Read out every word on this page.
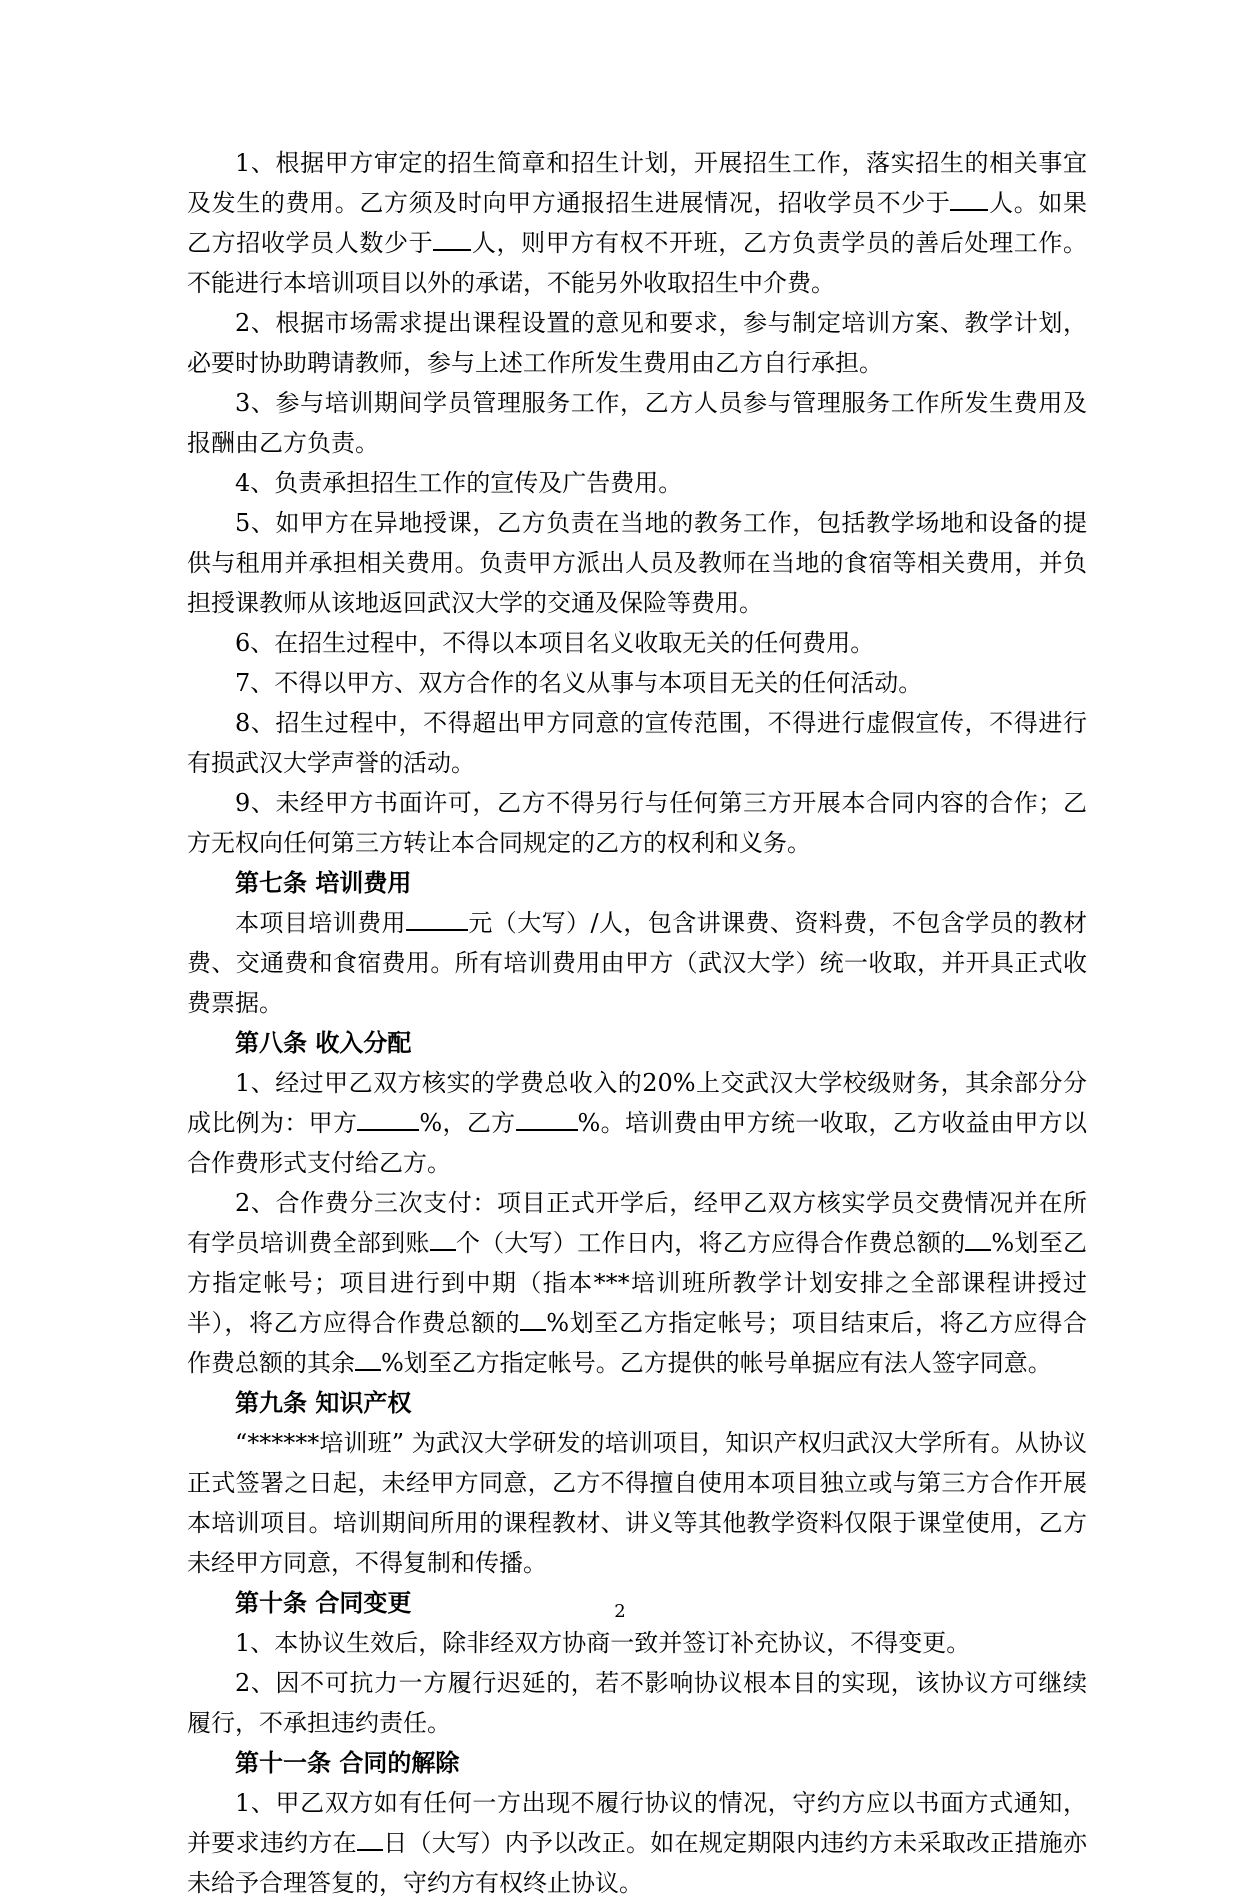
1、根据甲方审定的招生简章和招生计划，开展招生工作，落实招生的相关事宜及发生的费用。乙方须及时向甲方通报招生进展情况，招收学员不少于 人。如果乙方招收学员人数少于 人，则甲方有权不开班，乙方负责学员的善后处理工作。不能进行本培训项目以外的承诺，不能另外收取招生中介费。

2、根据市场需求提出课程设置的意见和要求，参与制定培训方案、教学计划，必要时协助聘请教师，参与上述工作所发生费用由乙方自行承担。

3、参与培训期间学员管理服务工作，乙方人员参与管理服务工作所发生费用及报酬由乙方负责。

4、负责承担招生工作的宣传及广告费用。

5、如甲方在异地授课，乙方负责在当地的教务工作，包括教学场地和设备的提供与租用并承担相关费用。负责甲方派出人员及教师在当地的食宿等相关费用，并负担授课教师从该地返回武汉大学的交通及保险等费用。

6、在招生过程中，不得以本项目名义收取无关的任何费用。

7、不得以甲方、双方合作的名义从事与本项目无关的任何活动。

8、招生过程中，不得超出甲方同意的宣传范围，不得进行虚假宣传，不得进行有损武汉大学声誉的活动。

9、未经甲方书面许可，乙方不得另行与任何第三方开展本合同内容的合作；乙方无权向任何第三方转让本合同规定的乙方的权利和义务。

第七条 培训费用

本项目培训费用	元（大写）/人，包含讲课费、资料费，不包含学员的教材费、交通费和食宿费用。所有培训费用由甲方（武汉大学）统一收取，并开具正式收费票据。

第八条 收入分配

1、经过甲乙双方核实的学费总收入的20%上交武汉大学校级财务，其余部分分成比例为：甲方	%，乙方	%。培训费由甲方统一收取，乙方收益由甲方以合作费形式支付给乙方。

2、合作费分三次支付：项目正式开学后，经甲乙双方核实学员交费情况并在所有学员培训费全部到账 个（大写）工作日内，将乙方应得合作费总额的 %划至乙方指定帐号；项目进行到中期（指本***培训班所教学计划安排之全部课程讲授过半），将乙方应得合作费总额的 %划至乙方指定帐号；项目结束后，将乙方应得合作费总额的其余 %划至乙方指定帐号。乙方提供的帐号单据应有法人签字同意。

第九条 知识产权

“******培训班” 为武汉大学研发的培训项目，知识产权归武汉大学所有。从协议正式签署之日起，未经甲方同意，乙方不得擅自使用本项目独立或与第三方合作开展本培训项目。培训期间所用的课程教材、讲义等其他教学资料仅限于课堂使用，乙方未经甲方同意，不得复制和传播。

第十条 合同变更

1、本协议生效后，除非经双方协商一致并签订补充协议，不得变更。

2、因不可抗力一方履行迟延的，若不影响协议根本目的实现，该协议方可继续履行，不承担违约责任。

第十一条 合同的解除

1、甲乙双方如有任何一方出现不履行协议的情况，守约方应以书面方式通知，并要求违约方在 日（大写）内予以改正。如在规定期限内违约方未采取改正措施亦未给予合理答复的，守约方有权终止协议。

2
